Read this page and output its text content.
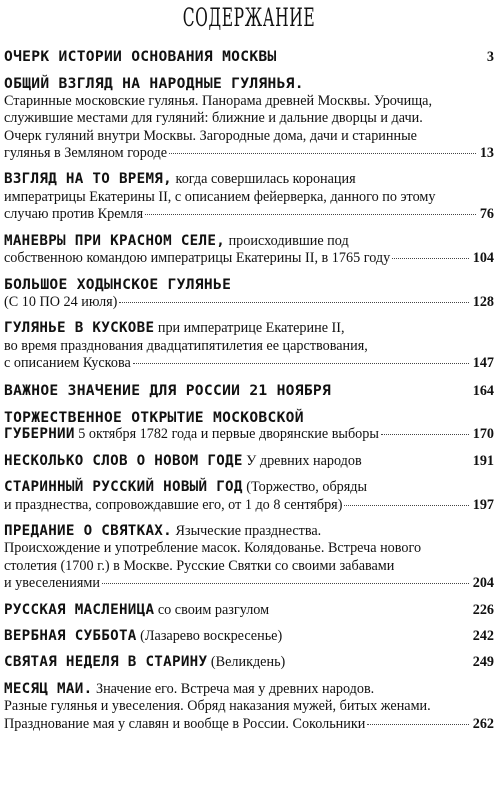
СОДЕРЖАНИЕ
ОЧЕРК ИСТОРИИ ОСНОВАНИЯ МОСКВЫ	3
ОБЩИЙ ВЗГЛЯД НА НАРОДНЫЕ ГУЛЯНЬЯ.
Старинные московские гулянья. Панорама древней Москвы. Урочища,
служившие местами для гуляний: ближние и дальние дворцы и дачи.
Очерк гуляний внутри Москвы. Загородные дома, дачи и старинные
гулянья в Земляном городе	13
ВЗГЛЯД НА ТО ВРЕМЯ,
когда совершилась коронация
императрицы Екатерины II, с описанием фейерверка, данного по этому
случаю против Кремля	76
МАНЕВРЫ ПРИ КРАСНОМ СЕЛЕ,
происходившие под
собственною командою императрицы Екатерины II, в 1765 году	104
БОЛЬШОЕ ХОДЫНСКОЕ ГУЛЯНЬЕ
(С 10 ПО 24 июля)	128
ГУЛЯНЬЕ В КУСКОВЕ
при императрице Екатерине II,
во время празднования двадцатипятилетия ее царствования,
с описанием Кускова	147
ВАЖНОЕ ЗНАЧЕНИЕ ДЛЯ РОССИИ 21 НОЯБРЯ	164
ТОРЖЕСТВЕННОЕ ОТКРЫТИЕ МОСКОВСКОЙ
ГУБЕРНИИ
5 октября 1782 года и первые дворянские выборы	170
НЕСКОЛЬКО СЛОВ О НОВОМ ГОДЕ
У древних народов	191
СТАРИННЫЙ РУССКИЙ НОВЫЙ ГОД
(Торжество, обряды
и празднества, сопровождавшие его, от 1 до 8 сентября)	197
ПРЕДАНИЕ О СВЯТКАХ.
Языческие празднества.
Происхождение и употребление масок. Колядованье. Встреча нового
столетия (1700 г.) в Москве. Русские Святки со своими забавами
и увеселениями	204
РУССКАЯ МАСЛЕНИЦА
со своим разгулом	226
ВЕРБНАЯ СУББОТА
(Лазарево воскресенье)	242
СВЯТАЯ НЕДЕЛЯ В СТАРИНУ
(Великдень)	249
МЕСЯЦ МАИ.
Значение его. Встреча мая у древних народов.
Разные гулянья и увеселения. Обряд наказания мужей, битых женами.
Празднование мая у славян и вообще в России. Сокольники	262
